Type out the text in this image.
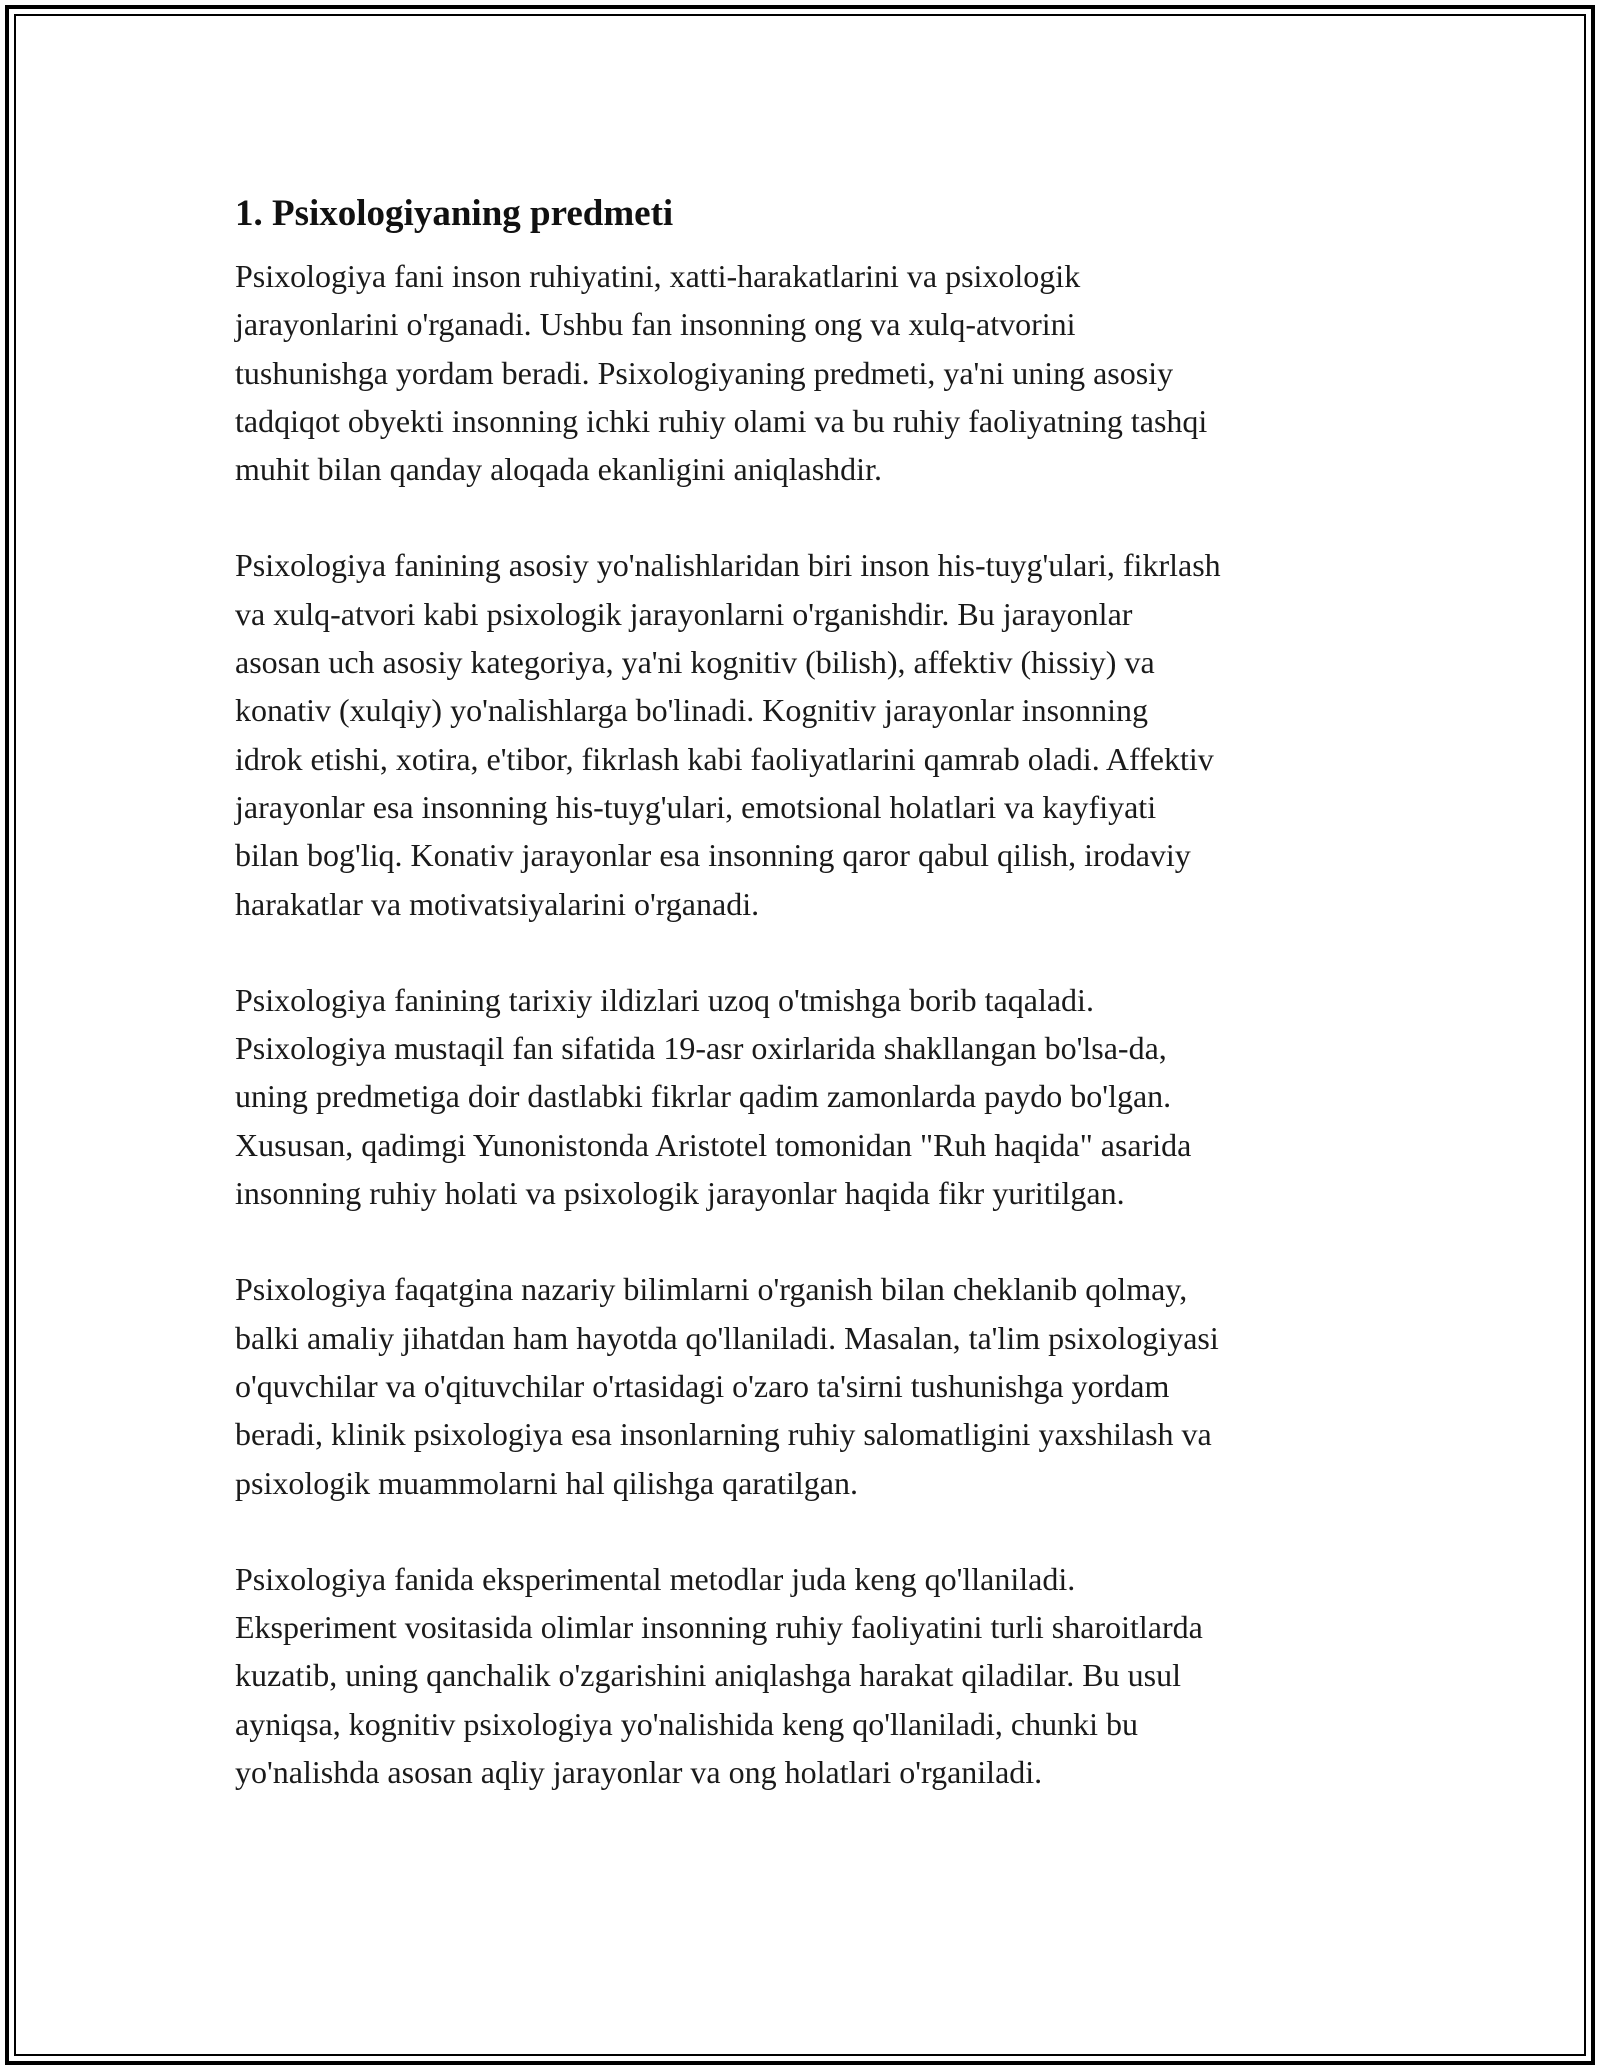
1. Psixologiyaning predmeti

Psixologiya fani inson ruhiyatini, xatti-harakatlarini va psixologik
jarayonlarini o'rganadi. Ushbu fan insonning ong va xulq-atvorini
tushunishga yordam beradi. Psixologiyaning predmeti, ya'ni uning asosiy
tadqiqot obyekti insonning ichki ruhiy olami va bu ruhiy faoliyatning tashqi
muhit bilan qanday aloqada ekanligini aniqlashdir.

Psixologiya fanining asosiy yo'nalishlaridan biri inson his-tuyg'ulari, fikrlash
va xulq-atvori kabi psixologik jarayonlarni o'rganishdir. Bu jarayonlar
asosan uch asosiy kategoriya, ya'ni kognitiv (bilish), affektiv (hissiy) va
konativ (xulqiy) yo'nalishlarga bo'linadi. Kognitiv jarayonlar insonning
idrok etishi, xotira, e'tibor, fikrlash kabi faoliyatlarini qamrab oladi. Affektiv
jarayonlar esa insonning his-tuyg'ulari, emotsional holatlari va kayfiyati
bilan bog'liq. Konativ jarayonlar esa insonning qaror qabul qilish, irodaviy
harakatlar va motivatsiyalarini o'rganadi.

Psixologiya fanining tarixiy ildizlari uzoq o'tmishga borib taqaladi.
Psixologiya mustaqil fan sifatida 19-asr oxirlarida shakllangan bo'lsa-da,
uning predmetiga doir dastlabki fikrlar qadim zamonlarda paydo bo'lgan.
Xususan, qadimgi Yunonistonda Aristotel tomonidan "Ruh haqida" asarida
insonning ruhiy holati va psixologik jarayonlar haqida fikr yuritilgan.

Psixologiya faqatgina nazariy bilimlarni o'rganish bilan cheklanib qolmay,
balki amaliy jihatdan ham hayotda qo'llaniladi. Masalan, ta'lim psixologiyasi
o'quvchilar va o'qituvchilar o'rtasidagi o'zaro ta'sirni tushunishga yordam
beradi, klinik psixologiya esa insonlarning ruhiy salomatligini yaxshilash va
psixologik muammolarni hal qilishga qaratilgan.

Psixologiya fanida eksperimental metodlar juda keng qo'llaniladi.
Eksperiment vositasida olimlar insonning ruhiy faoliyatini turli sharoitlarda
kuzatib, uning qanchalik o'zgarishini aniqlashga harakat qiladilar. Bu usul
ayniqsa, kognitiv psixologiya yo'nalishida keng qo'llaniladi, chunki bu
yo'nalishda asosan aqliy jarayonlar va ong holatlari o'rganiladi.
